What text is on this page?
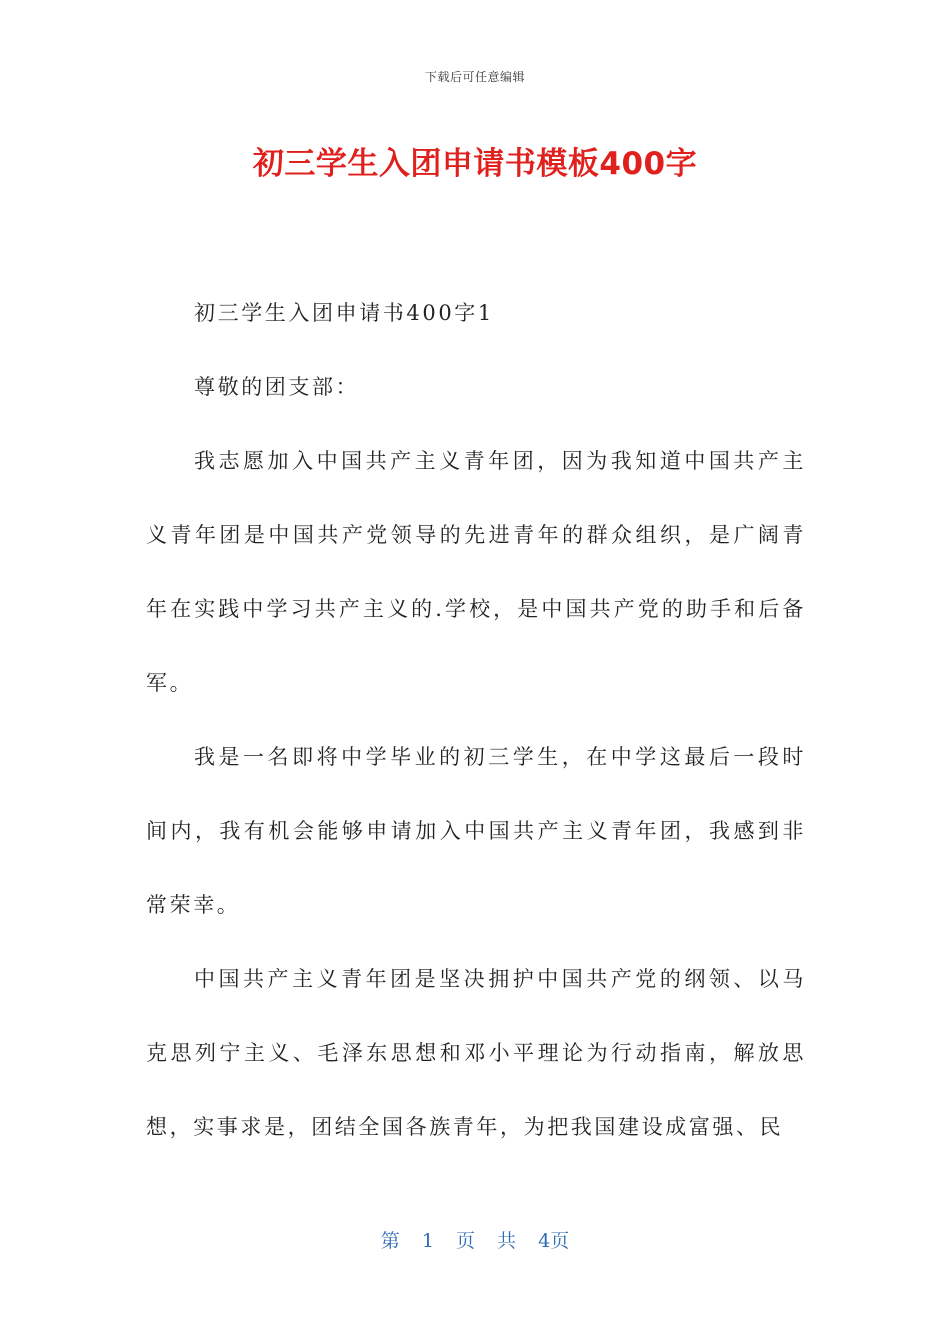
下载后可任意编辑
初三学生入团申请书模板400字

初三学生入团申请书400字1

尊敬的团支部：

我志愿加入中国共产主义青年团，因为我知道中国共产主义青年团是中国共产党领导的先进青年的群众组织，是广阔青年在实践中学习共产主义的.学校，是中国共产党的助手和后备军。

我是一名即将中学毕业的初三学生，在中学这最后一段时间内，我有机会能够申请加入中国共产主义青年团，我感到非常荣幸。

中国共产主义青年团是坚决拥护中国共产党的纲领、以马克思列宁主义、毛泽东思想和邓小平理论为行动指南，解放思想，实事求是，团结全国各族青年，为把我国建设成富强、民

第 1 页 共 4页
